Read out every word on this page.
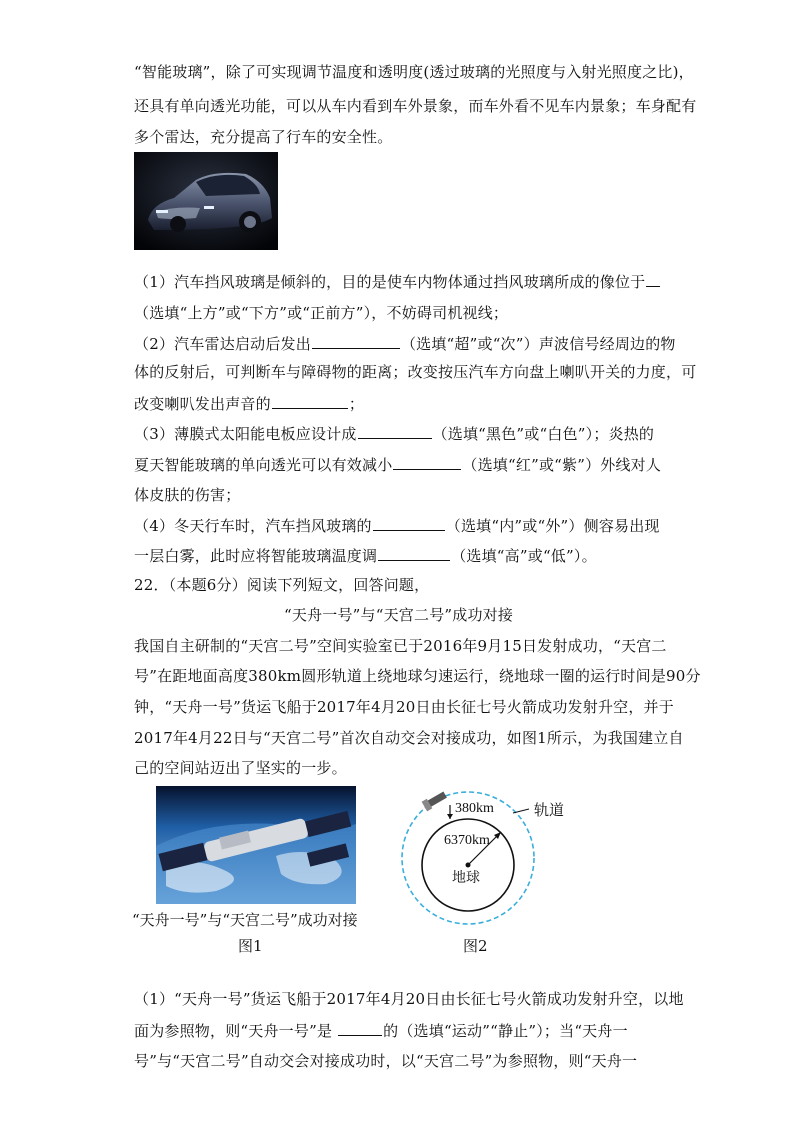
“智能玻璃”，除了可实现调节温度和透明度(透过玻璃的光照度与入射光照度之比)，
还具有单向透光功能，可以从车内看到车外景象，而车外看不见车内景象；车身配有
多个雷达，充分提高了行车的安全性。
（1）汽车挡风玻璃是倾斜的，目的是使车内物体通过挡风玻璃所成的像位于
（选填“上方”或“下方”或“正前方”），不妨碍司机视线；
（2）汽车雷达启动后发出	（选填“超”或“次”）声波信号经周边的物
体的反射后，可判断车与障碍物的距离；改变按压汽车方向盘上喇叭开关的力度，可
改变喇叭发出声音的	；
（3）薄膜式太阳能电板应设计成	（选填“黑色”或“白色”）；炎热的
夏天智能玻璃的单向透光可以有效减小	（选填“红”或“紫”）外线对人
体皮肤的伤害；
（4）冬天行车时，汽车挡风玻璃的	（选填“内”或“外”）侧容易出现
一层白雾，此时应将智能玻璃温度调	（选填“高”或“低”）。
22．（本题6分）阅读下列短文，回答问题，
“天舟一号”与“天宫二号”成功对接
我国自主研制的“天宫二号”空间实验室已于2016年9月15日发射成功，“天宫二
号”在距地面高度380km圆形轨道上绕地球匀速运行，绕地球一圈的运行时间是90分
钟，“天舟一号”货运飞船于2017年4月20日由长征七号火箭成功发射升空，并于
2017年4月22日与“天宫二号”首次自动交会对接成功，如图1所示，为我国建立自
己的空间站迈出了坚实的一步。
“天舟一号”与“天宫二号”成功对接
图1
380km
6370km
轨道
地球
图2
（1）“天舟一号”货运飞船于2017年4月20日由长征七号火箭成功发射升空，以地
面为参照物，则“天舟一号”是	的（选填“运动”“静止”）；当“天舟一
号”与“天宫二号”自动交会对接成功时，以“天宫二号”为参照物，则“天舟一
